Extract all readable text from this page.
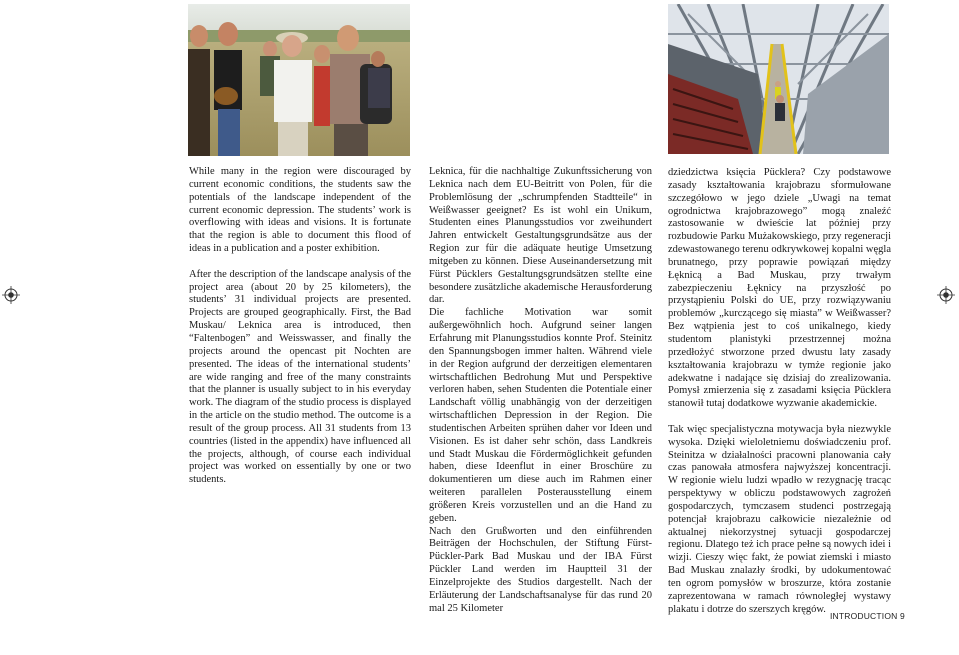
While many in the region were discouraged by current economic conditions, the students saw the potentials of the landscape independent of the current economic depression. The students’ work is overflowing with ideas and visions. It is fortunate that the region is able to document this flood of ideas in a publication and a poster exhibition.

After the description of the landscape analysis of the project area (about 20 by 25 kilometers), the students’ 31 individual projects are presented. Projects are grouped geographically. First, the Bad Muskau/ Leknica area is introduced, then “Faltenbogen” and Weisswasser, and finally the projects around the opencast pit Nochten are presented. The ideas of the international students’ are wide ranging and free of the many constraints that the planner is usually subject to in his everyday work. The diagram of the studio process is displayed in the article on the studio method. The outcome is a result of the group process. All 31 students from 13 countries (listed in the appendix) have influenced all the projects, although, of course each individual project was worked on essentially by one or two students.

Leknica, für die nachhaltige Zukunftssicherung von Leknica nach dem EU-Beitritt von Polen, für die Problemlösung der „schrumpfenden Stadtteile“ in Weißwasser geeignet? Es ist wohl ein Unikum, Studenten eines Planungsstudios vor zweihundert Jahren entwickelt Gestaltungsgrundsätze aus der Region zur für die adäquate heutige Umsetzung mitgeben zu können. Diese Auseinandersetzung mit Fürst Pücklers Gestaltungsgrundsätzen stellte eine besondere zusätzliche akademische Herausforderung dar.

Die fachliche Motivation war somit außergewöhnlich hoch. Aufgrund seiner langen Erfahrung mit Planungsstudios konnte Prof. Steinitz den Spannungsbogen immer halten. Während viele in der Region aufgrund der derzeitigen elementaren wirtschaftlichen Bedrohung Mut und Perspektive verloren haben, sehen Studenten die Potentiale einer Landschaft völlig unabhängig von der derzeitigen wirtschaftlichen Depression in der Region. Die studentischen Arbeiten sprühen daher vor Ideen und Visionen. Es ist daher sehr schön, dass Landkreis und Stadt Muskau die Fördermöglichkeit gefunden haben, diese Ideenflut in einer Broschüre zu dokumentieren um diese auch im Rahmen einer weiteren parallelen Posterausstellung einem größeren Kreis vorzustellen und an die Hand zu geben.

Nach den Grußworten und den einführenden Beiträgen der Hochschulen, der Stiftung Fürst-Pückler-Park Bad Muskau und der IBA Fürst Pückler Land werden im Hauptteil 31 der Einzelprojekte des Studios dargestellt. Nach der Erläuterung der Landschaftsanalyse für das rund 20 mal 25 Kilometer

dziedzictwa księcia Pücklera? Czy podstawowe zasady kształtowania krajobrazu sformułowane szczegółowo w jego dziele „Uwagi na temat ogrodnictwa krajobrazowego” mogą znaleźć zastosowanie w dwieście lat później przy rozbudowie Parku Mużakowskiego, przy regeneracji zdewastowanego terenu odkrywkowej kopalni węgla brunatnego, przy poprawie powiązań między Łęknicą a Bad Muskau, przy trwałym zabezpieczeniu Łęknicy na przyszłość po przystąpieniu Polski do UE, przy rozwiązywaniu problemów „kurczącego się miasta” w Weißwasser? Bez wątpienia jest to coś unikalnego, kiedy studentom planistyki przestrzennej można przedłożyć stworzone przed dwustu laty zasady kształtowania krajobrazu w tymże regionie jako adekwatne i nadające się dzisiaj do zrealizowania. Pomysł zmierzenia się z zasadami księcia Pücklera stanowił tutaj dodatkowe wyzwanie akademickie.

Tak więc specjalistyczna motywacja była niezwykle wysoka. Dzięki wieloletniemu doświadczeniu prof. Steinitza w działalności pracowni planowania cały czas panowała atmosfera najwyższej koncentracji. W regionie wielu ludzi wpadło w rezygnację tracąc perspektywy w obliczu podstawowych zagrożeń gospodarczych, tymczasem studenci postrzegają potencjał krajobrazu całkowicie niezależnie od aktualnej niekorzystnej sytuacji gospodarczej regionu. Dlatego też ich prace pełne są nowych idei i wizji. Cieszy więc fakt, że powiat ziemski i miasto Bad Muskau znalazły środki, by udokumentować ten ogrom pomysłów w broszurze, która zostanie zaprezentowana w ramach równoległej wystawy plakatu i dotrze do szerszych kręgów.

INTRODUCTION 9
